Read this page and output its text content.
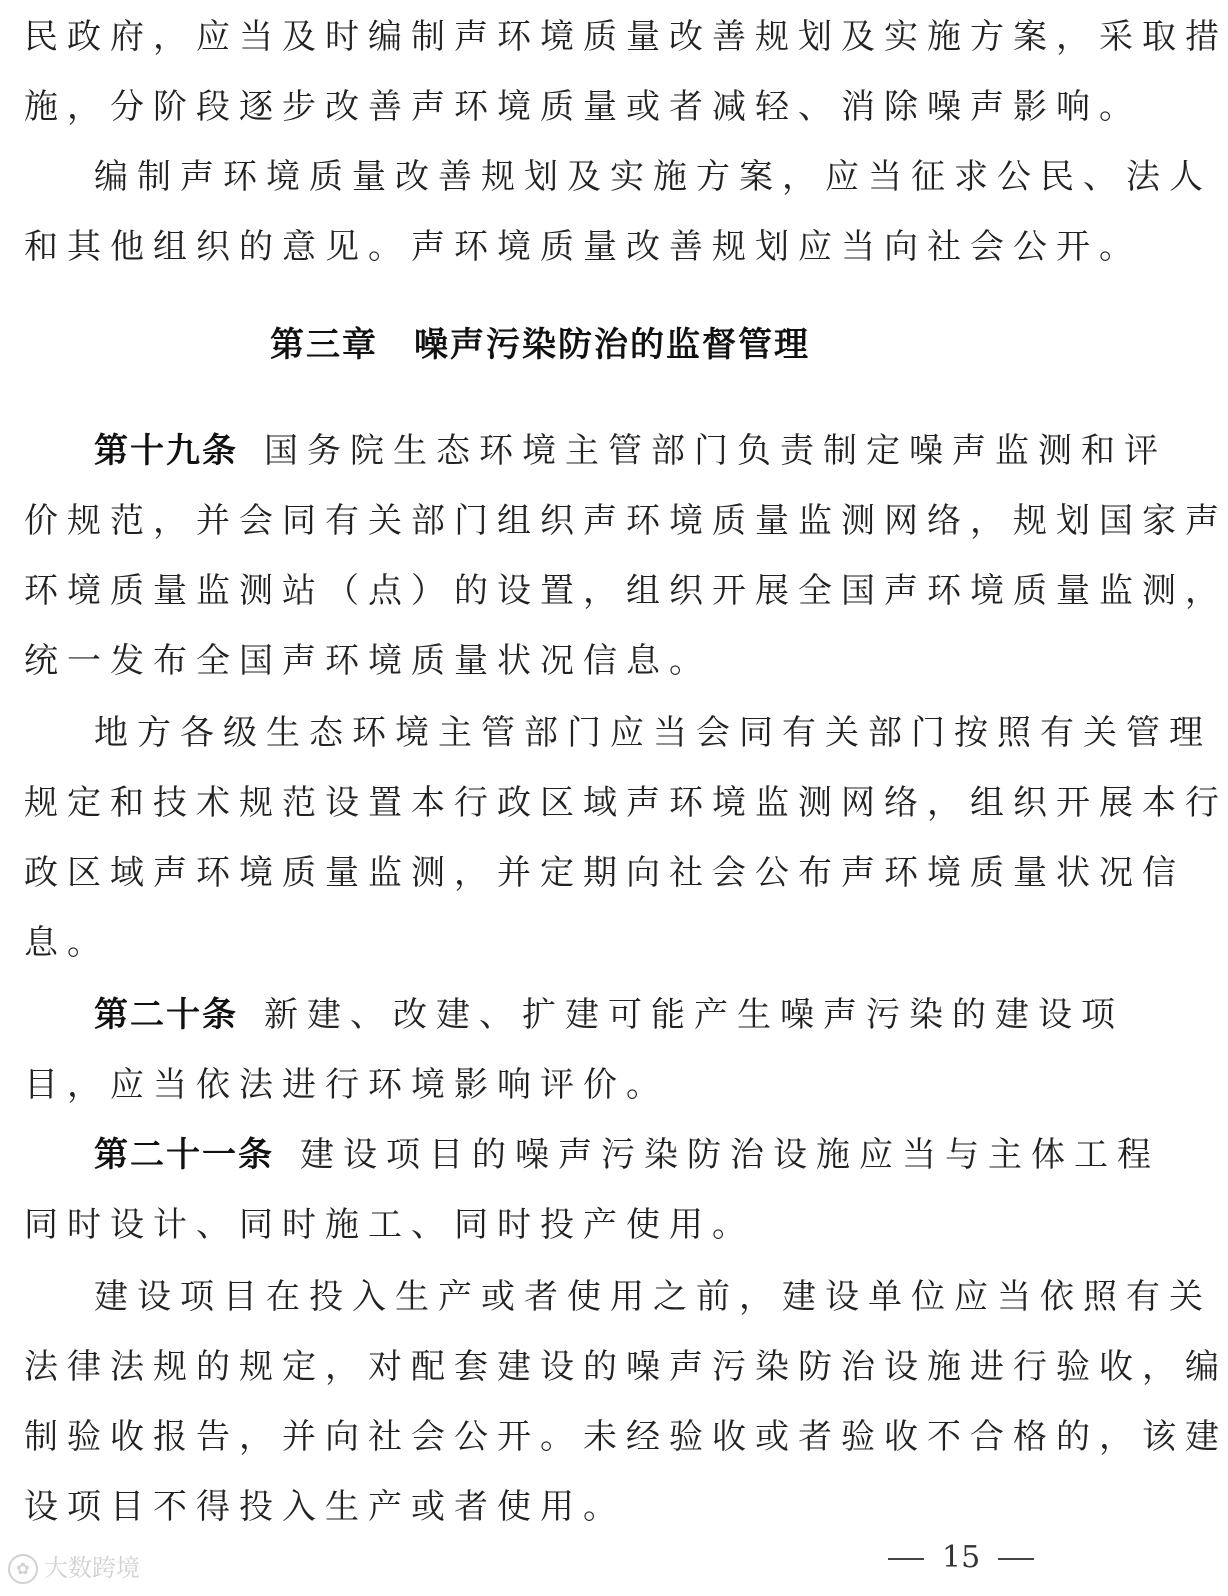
民政府，应当及时编制声环境质量改善规划及实施方案，采取措
施，分阶段逐步改善声环境质量或者减轻、消除噪声影响。
编制声环境质量改善规划及实施方案，应当征求公民、法人
和其他组织的意见。声环境质量改善规划应当向社会公开。
第三章 噪声污染防治的监督管理
第十九条 国务院生态环境主管部门负责制定噪声监测和评
价规范，并会同有关部门组织声环境质量监测网络，规划国家声
环境质量监测站（点）的设置，组织开展全国声环境质量监测，
统一发布全国声环境质量状况信息。
地方各级生态环境主管部门应当会同有关部门按照有关管理
规定和技术规范设置本行政区域声环境监测网络，组织开展本行
政区域声环境质量监测，并定期向社会公布声环境质量状况信
息。
第二十条 新建、改建、扩建可能产生噪声污染的建设项
目，应当依法进行环境影响评价。
第二十一条 建设项目的噪声污染防治设施应当与主体工程
同时设计、同时施工、同时投产使用。
建设项目在投入生产或者使用之前，建设单位应当依照有关
法律法规的规定，对配套建设的噪声污染防治设施进行验收，编
制验收报告，并向社会公开。未经验收或者验收不合格的，该建
设项目不得投入生产或者使用。
15
✿ 大数跨境
